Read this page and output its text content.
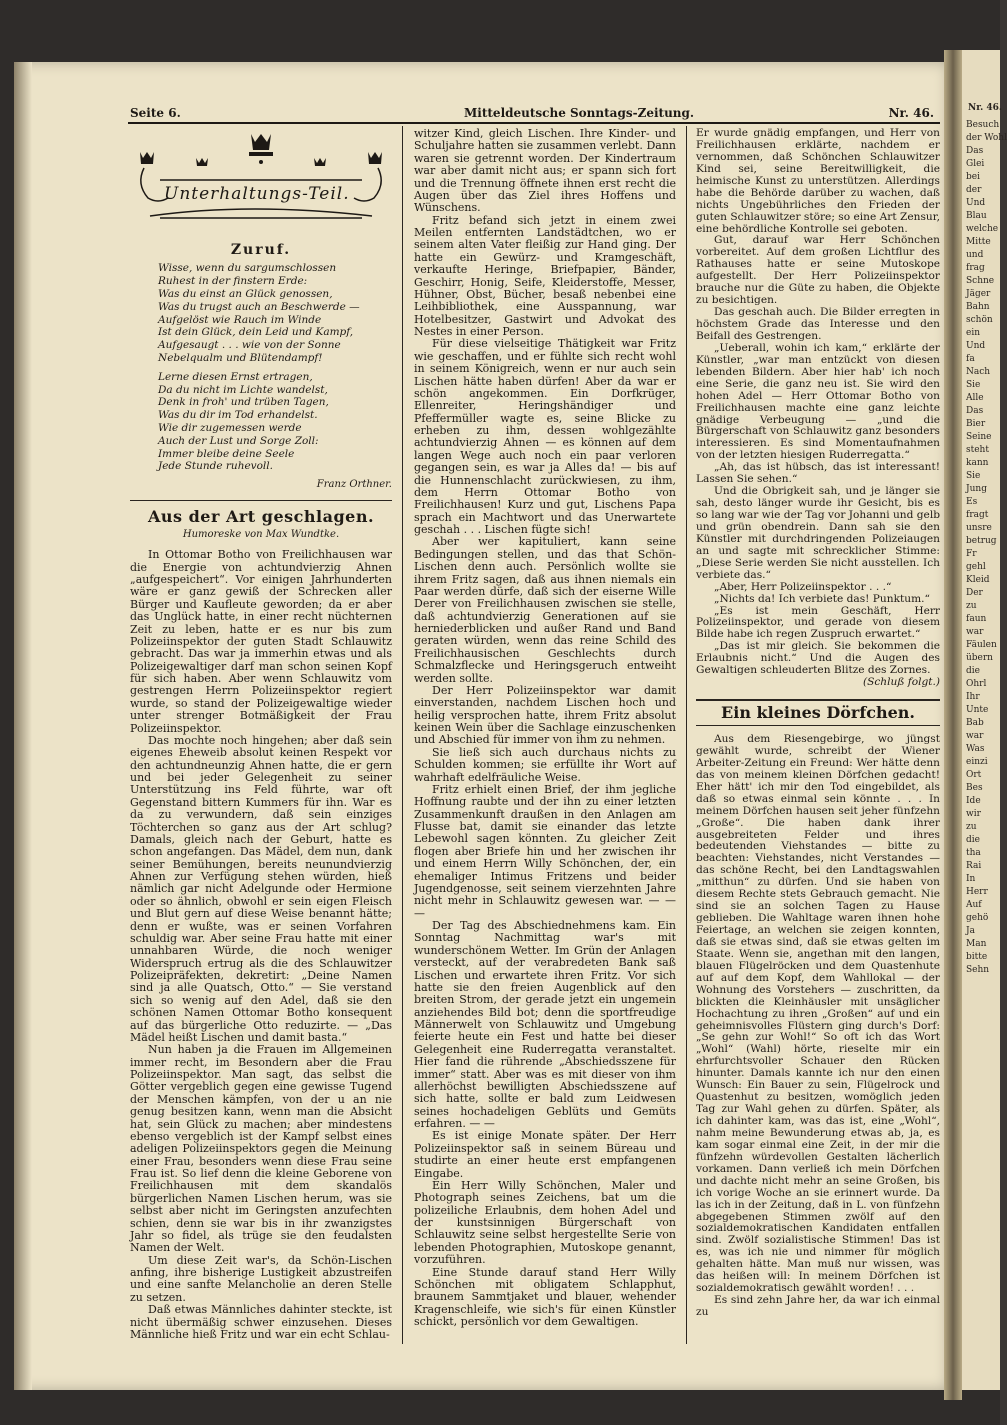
Nr. 46.
Besuch
der Wohl
Das
Glei
bei
der
Und
Blau
welche
Mitte
und
frag
Schne
Jäger
Bahn
schön
ein
Und
fa
Nach
Sie
Alle
Das
Bier
Seine
steht
kann
Sie
Jung
Es
fragt
unsre
betrug
Fr
gehl
Kleid
Der
zu
faun
war
Fäulen
übern
die
Ohrl
Ihr
Unte
Bab
war
Was
einzi
Ort
Bes
Ide
wir
zu
die
tha
Rai
In
Herr
Auf
gehö
Ja
Man
bitte
Sehn
Seite 6.	Mitteldeutsche Sonntags-Zeitung.	Nr. 46.
Unterhaltungs-Teil.
Zuruf.
Wisse, wenn du sargumschlossen
Ruhest in der finstern Erde:
Was du einst an Glück genossen,
Was du trugst auch an Beschwerde —
Aufgelöst wie Rauch im Winde
Ist dein Glück, dein Leid und Kampf,
Aufgesaugt . . . wie von der Sonne
Nebelqualm und Blütendampf!
Lerne diesen Ernst ertragen,
Da du nicht im Lichte wandelst,
Denk in froh' und trüben Tagen,
Was du dir im Tod erhandelst.
Wie dir zugemessen werde
Auch der Lust und Sorge Zoll:
Immer bleibe deine Seele
Jede Stunde ruhevoll.
Franz Orthner.
Aus der Art geschlagen.
Humoreske von Max Wundtke.

In Ottomar Botho von Freilichhausen war die Energie von achtundvierzig Ahnen „aufgespeichert“. Vor einigen Jahrhunderten wäre er ganz gewiß der Schrecken aller Bürger und Kaufleute geworden; da er aber das Unglück hatte, in einer recht nüchternen Zeit zu leben, hatte er es nur bis zum Polizeiinspektor der guten Stadt Schlauwitz gebracht. Das war ja immerhin etwas und als Polizeigewaltiger darf man schon seinen Kopf für sich haben. Aber wenn Schlauwitz vom gestrengen Herrn Polizeiinspektor regiert wurde, so stand der Polizeigewaltige wieder unter strenger Botmäßigkeit der Frau Polizeiinspektor.

Das mochte noch hingehen; aber daß sein eigenes Eheweib absolut keinen Respekt vor den achtundneunzig Ahnen hatte, die er gern und bei jeder Gelegenheit zu seiner Unterstützung ins Feld führte, war oft Gegenstand bittern Kummers für ihn. War es da zu verwundern, daß sein einziges Töchterchen so ganz aus der Art schlug? Damals, gleich nach der Geburt, hatte es schon angefangen. Das Mädel, dem nun, dank seiner Bemühungen, bereits neunundvierzig Ahnen zur Verfügung stehen würden, hieß nämlich gar nicht Adelgunde oder Hermione oder so ähnlich, obwohl er sein eigen Fleisch und Blut gern auf diese Weise benannt hätte; denn er wußte, was er seinen Vorfahren schuldig war. Aber seine Frau hatte mit einer unnahbaren Würde, die noch weniger Widerspruch ertrug als die des Schlauwitzer Polizeipräfekten, dekretirt: „Deine Namen sind ja alle Quatsch, Otto.“ — Sie verstand sich so wenig auf den Adel, daß sie den schönen Namen Ottomar Botho konsequent auf das bürgerliche Otto reduzirte. — „Das Mädel heißt Lischen und damit basta.“

Nun haben ja die Frauen im Allgemeinen immer recht, im Besondern aber die Frau Polizeiinspektor. Man sagt, das selbst die Götter vergeblich gegen eine gewisse Tugend der Menschen kämpfen, von der u an nie genug besitzen kann, wenn man die Absicht hat, sein Glück zu machen; aber mindestens ebenso vergeblich ist der Kampf selbst eines adeligen Polizeiinspektors gegen die Meinung einer Frau, besonders wenn diese Frau seine Frau ist. So lief denn die kleine Geborene von Freilichhausen mit dem skandalös bürgerlichen Namen Lischen herum, was sie selbst aber nicht im Geringsten anzufechten schien, denn sie war bis in ihr zwanzigstes Jahr so fidel, als trüge sie den feudalsten Namen der Welt.

Um diese Zeit war's, da Schön-Lischen anfing, ihre bisherige Lustigkeit abzustreifen und eine sanfte Melancholie an deren Stelle zu setzen.

Daß etwas Männliches dahinter steckte, ist nicht übermäßig schwer einzusehen. Dieses Männliche hieß Fritz und war ein echt Schlau-

witzer Kind, gleich Lischen. Ihre Kinder- und Schuljahre hatten sie zusammen verlebt. Dann waren sie getrennt worden. Der Kindertraum war aber damit nicht aus; er spann sich fort und die Trennung öffnete ihnen erst recht die Augen über das Ziel ihres Hoffens und Wünschens.

Fritz befand sich jetzt in einem zwei Meilen entfernten Landstädtchen, wo er seinem alten Vater fleißig zur Hand ging. Der hatte ein Gewürz- und Kramgeschäft, verkaufte Heringe, Briefpapier, Bänder, Geschirr, Honig, Seife, Kleiderstoffe, Messer, Hühner, Obst, Bücher, besaß nebenbei eine Leihbibliothek, eine Ausspannung, war Hotelbesitzer, Gastwirt und Advokat des Nestes in einer Person.

Für diese vielseitige Thätigkeit war Fritz wie geschaffen, und er fühlte sich recht wohl in seinem Königreich, wenn er nur auch sein Lischen hätte haben dürfen! Aber da war er schön angekommen. Ein Dorfkrüger, Ellenreiter, Heringshändiger und Pfeffermüller wagte es, seine Blicke zu erheben zu ihm, dessen wohlgezählte achtundvierzig Ahnen — es können auf dem langen Wege auch noch ein paar verloren gegangen sein, es war ja Alles da! — bis auf die Hunnenschlacht zurückwiesen, zu ihm, dem Herrn Ottomar Botho von Freilichhausen! Kurz und gut, Lischens Papa sprach ein Machtwort und das Unerwartete geschah . . . Lischen fügte sich!

Aber wer kapituliert, kann seine Bedingungen stellen, und das that Schön-Lischen denn auch. Persönlich wollte sie ihrem Fritz sagen, daß aus ihnen niemals ein Paar werden dürfe, daß sich der eiserne Wille Derer von Freilichhausen zwischen sie stelle, daß achtundvierzig Generationen auf sie herniederblicken und außer Rand und Band geraten würden, wenn das reine Schild des Freilichhausischen Geschlechts durch Schmalzflecke und Heringsgeruch entweiht werden sollte.

Der Herr Polizeiinspektor war damit einverstanden, nachdem Lischen hoch und heilig versprochen hatte, ihrem Fritz absolut keinen Wein über die Sachlage einzuschenken und Abschied für immer von ihm zu nehmen.

Sie ließ sich auch durchaus nichts zu Schulden kommen; sie erfüllte ihr Wort auf wahrhaft edelfräuliche Weise.

Fritz erhielt einen Brief, der ihm jegliche Hoffnung raubte und der ihn zu einer letzten Zusammenkunft draußen in den Anlagen am Flusse bat, damit sie einander das letzte Lebewohl sagen könnten. Zu gleicher Zeit flogen aber Briefe hin und her zwischen ihr und einem Herrn Willy Schönchen, der, ein ehemaliger Intimus Fritzens und beider Jugendgenosse, seit seinem vierzehnten Jahre nicht mehr in Schlauwitz gewesen war. — — —

Der Tag des Abschiednehmens kam. Ein Sonntag Nachmittag war's mit wunderschönem Wetter. Im Grün der Anlagen versteckt, auf der verabredeten Bank saß Lischen und erwartete ihren Fritz. Vor sich hatte sie den freien Augenblick auf den breiten Strom, der gerade jetzt ein ungemein anziehendes Bild bot; denn die sportfreudige Männerwelt von Schlauwitz und Umgebung feierte heute ein Fest und hatte bei dieser Gelegenheit eine Ruderregatta veranstaltet. Hier fand die rührende „Abschiedsszene für immer“ statt. Aber was es mit dieser von ihm allerhöchst bewilligten Abschiedsszene auf sich hatte, sollte er bald zum Leidwesen seines hochadeligen Geblüts und Gemüts erfahren. — —

Es ist einige Monate später. Der Herr Polizeiinspektor saß in seinem Büreau und studirte an einer heute erst empfangenen Eingabe.

Ein Herr Willy Schönchen, Maler und Photograph seines Zeichens, bat um die polizeiliche Erlaubnis, dem hohen Adel und der kunstsinnigen Bürgerschaft von Schlauwitz seine selbst hergestellte Serie von lebenden Photographien, Mutoskope genannt, vorzuführen.

Eine Stunde darauf stand Herr Willy Schönchen mit obligatem Schlapphut, braunem Sammtjaket und blauer, wehender Kragenschleife, wie sich's für einen Künstler schickt, persönlich vor dem Gewaltigen.

Er wurde gnädig empfangen, und Herr von Freilichhausen erklärte, nachdem er vernommen, daß Schönchen Schlauwitzer Kind sei, seine Bereitwilligkeit, die heimische Kunst zu unterstützen. Allerdings habe die Behörde darüber zu wachen, daß nichts Ungebührliches den Frieden der guten Schlauwitzer störe; so eine Art Zensur, eine behördliche Kontrolle sei geboten.

Gut, darauf war Herr Schönchen vorbereitet. Auf dem großen Lichtflur des Rathauses hatte er seine Mutoskope aufgestellt. Der Herr Polizeiinspektor brauche nur die Güte zu haben, die Objekte zu besichtigen.

Das geschah auch. Die Bilder erregten in höchstem Grade das Interesse und den Beifall des Gestrengen.

„Ueberall, wohin ich kam,“ erklärte der Künstler, „war man entzückt von diesen lebenden Bildern. Aber hier hab' ich noch eine Serie, die ganz neu ist. Sie wird den hohen Adel — Herr Ottomar Botho von Freilichhausen machte eine ganz leichte gnädige Verbeugung — „und die Bürgerschaft von Schlauwitz ganz besonders interessieren. Es sind Momentaufnahmen von der letzten hiesigen Ruderregatta.“

„Ah, das ist hübsch, das ist interessant! Lassen Sie sehen.“

Und die Obrigkeit sah, und je länger sie sah, desto länger wurde ihr Gesicht, bis es so lang war wie der Tag vor Johanni und gelb und grün obendrein. Dann sah sie den Künstler mit durchdringenden Polizeiaugen an und sagte mit schrecklicher Stimme: „Diese Serie werden Sie nicht ausstellen. Ich verbiete das.“

„Aber, Herr Polizeiinspektor . . .“

„Nichts da! Ich verbiete das! Punktum.“

„Es ist mein Geschäft, Herr Polizeiinspektor, und gerade von diesem Bilde habe ich regen Zuspruch erwartet.“

„Das ist mir gleich. Sie bekommen die Erlaubnis nicht.“ Und die Augen des Gewaltigen schleuderten Blitze des Zornes.

(Schluß folgt.)
Ein kleines Dörfchen.

Aus dem Riesengebirge, wo jüngst gewählt wurde, schreibt der Wiener Arbeiter-Zeitung ein Freund: Wer hätte denn das von meinem kleinen Dörfchen gedacht! Eher hätt' ich mir den Tod eingebildet, als daß so etwas einmal sein könnte . . . In meinem Dörfchen hausen seit jeher fünfzehn „Große“. Die haben dank ihrer ausgebreiteten Felder und ihres bedeutenden Viehstandes — bitte zu beachten: Viehstandes, nicht Verstandes — das schöne Recht, bei den Landtagswahlen „mitthun“ zu dürfen. Und sie haben von diesem Rechte stets Gebrauch gemacht. Nie sind sie an solchen Tagen zu Hause geblieben. Die Wahltage waren ihnen hohe Feiertage, an welchen sie zeigen konnten, daß sie etwas sind, daß sie etwas gelten im Staate. Wenn sie, angethan mit den langen, blauen Flügelröcken und dem Quastenhute auf auf dem Kopf, dem Wahllokal — der Wohnung des Vorstehers — zuschritten, da blickten die Kleinhäusler mit unsäglicher Hochachtung zu ihren „Großen“ auf und ein geheimnisvolles Flüstern ging durch's Dorf: „Se gehn zur Wohl!“ So oft ich das Wort „Wohl“ (Wahl) hörte, rieselte mir ein ehrfurchtsvoller Schauer den Rücken hinunter. Damals kannte ich nur den einen Wunsch: Ein Bauer zu sein, Flügelrock und Quastenhut zu besitzen, womöglich jeden Tag zur Wahl gehen zu dürfen. Später, als ich dahinter kam, was das ist, eine „Wohl“, nahm meine Bewunderung etwas ab, ja, es kam sogar einmal eine Zeit, in der mir die fünfzehn würdevollen Gestalten lächerlich vorkamen. Dann verließ ich mein Dörfchen und dachte nicht mehr an seine Großen, bis ich vorige Woche an sie erinnert wurde. Da las ich in der Zeitung, daß in L. von fünfzehn abgegebenen Stimmen zwölf auf den sozialdemokratischen Kandidaten entfallen sind. Zwölf sozialistische Stimmen! Das ist es, was ich nie und nimmer für möglich gehalten hätte. Man muß nur wissen, was das heißen will: In meinem Dörfchen ist sozialdemokratisch gewählt worden! . . .

Es sind zehn Jahre her, da war ich einmal zu
